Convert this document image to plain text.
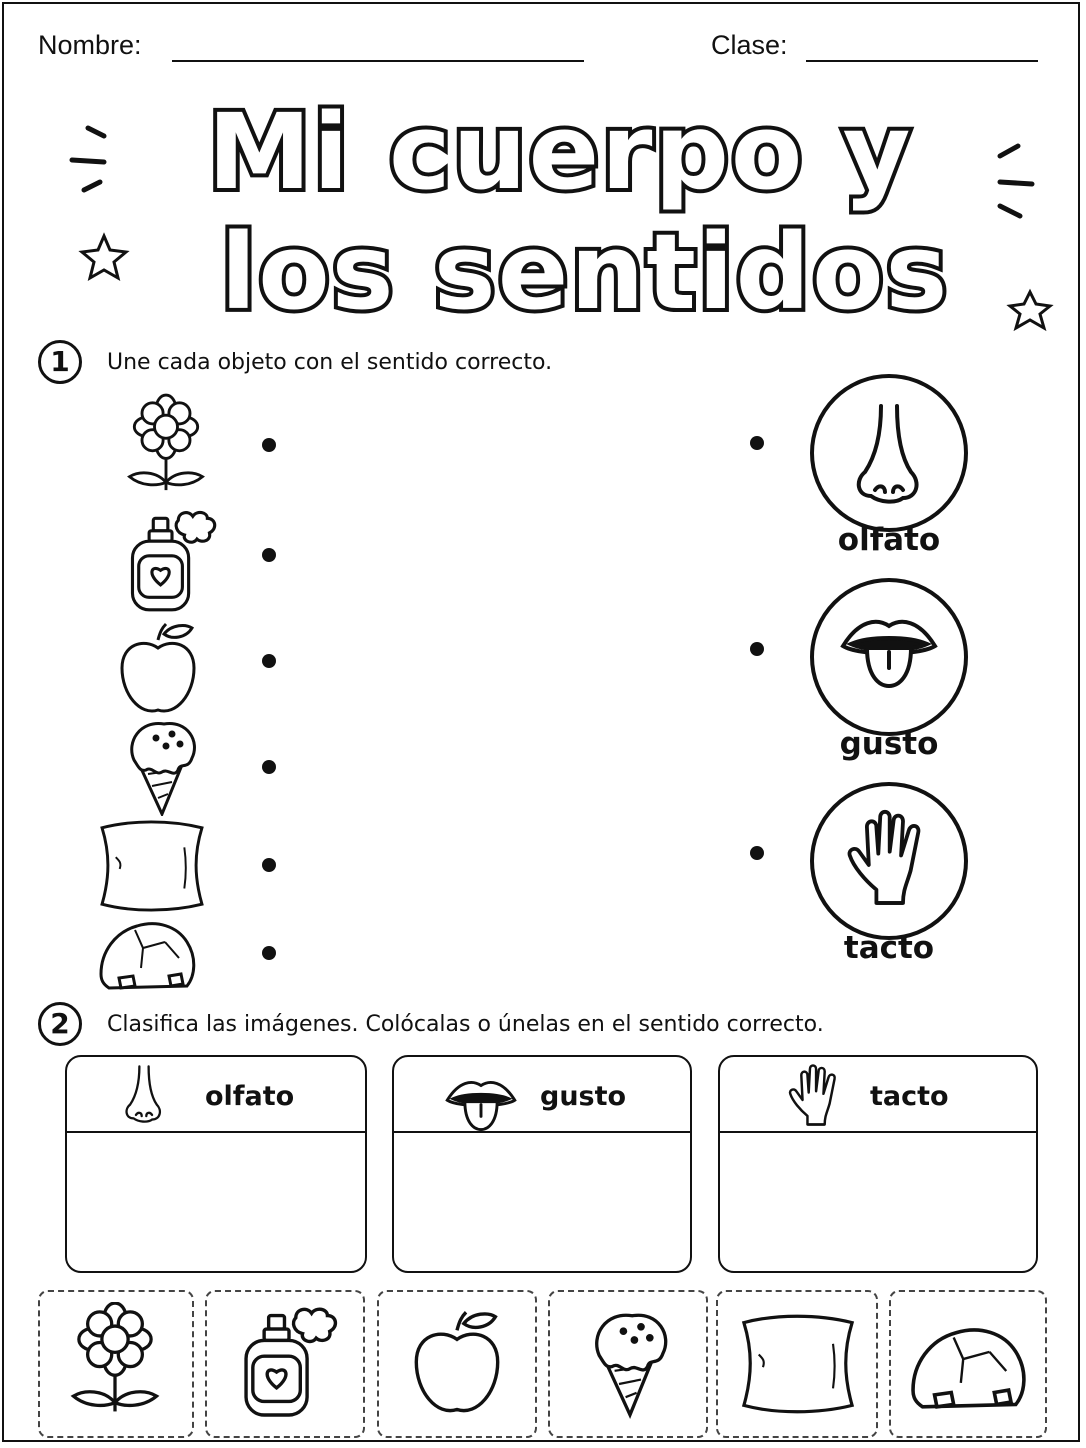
Nombre:	Clase:
Mi cuerpo y
los sentidos
1	Une cada objeto con el sentido correcto.
olfato
gusto
tacto
2	Clasifica las imágenes. Colócalas o únelas en el sentido correcto.
olfato	gusto	tacto
